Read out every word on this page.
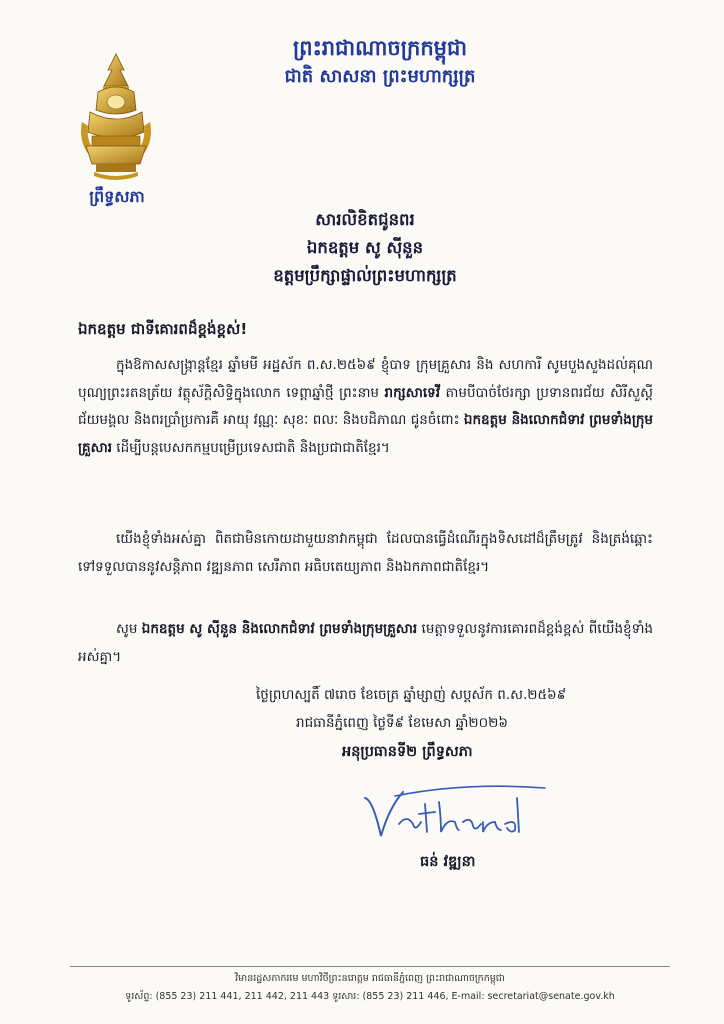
ព្រះរាជាណាចក្រកម្ពុជា
ជាតិ សាសនា ព្រះមហាក្សត្រ
ព្រឹទ្ធសភា
សារលិខិតជូនពរ
ឯកឧត្តម សូ ស៊ីនួន
ឧត្តមប្រឹក្សាផ្ទាល់ព្រះមហាក្សត្រ
ឯកឧត្តម ជាទីគោរពដ៏ខ្ពង់ខ្ពស់!
ក្នុងឱកាសសង្ក្រាន្តខ្មែរ ឆ្នាំមមី អដ្ឋស័ក ព.ស.២៥៦៩ ខ្ញុំបាទ ក្រុមគ្រួសារ និង សហការី សូមបួងសួងដល់គុណបុណ្យព្រះរតនត្រ័យ វត្ថុស័ក្តិសិទ្ធិក្នុងលោក ទេព្តាឆ្នាំថ្មី ព្រះនាម រាក្សសាទេវី តាមបីបាច់ថែរក្សា ប្រទានពរជ័យ សិរីសួស្តី ជ័យមង្គល និងពរប្រាំប្រការគឺ អាយុ វណ្ណៈ សុខៈ ពលៈ និងបដិភាណ ជូនចំពោះ ឯកឧត្តម និងលោកជំទាវ ព្រមទាំងក្រុមគ្រួសារ ដើម្បីបន្តបេសកកម្មបម្រើប្រទេសជាតិ និងប្រជាជាតិខ្មែរ។
យើងខ្ញុំទាំងអស់គ្នា ពិតជាមិនកោយដាមួយនាវាកម្ពុជា ដែលបានធ្វើដំណើរក្នុងទិសដៅដ៏ត្រឹមត្រូវ និងត្រង់ឆ្ពោះទៅទទួលបាននូវសន្តិភាព វឌ្ឍនភាព សេរីភាព អធិបតេយ្យភាព និងឯកភាពជាតិខ្មែរ។
សូម ឯកឧត្តម សូ ស៊ីនួន និងលោកជំទាវ ព្រមទាំងក្រុមគ្រួសារ មេត្តាទទួលនូវការគោរពដ៏ខ្ពង់ខ្ពស់ ពីយើងខ្ញុំទាំងអស់គ្នា។
ថ្ងៃព្រហស្បតិ៍ ៧រោច ខែចេត្រ ឆ្នាំម្សាញ់ សប្តស័ក ព.ស.២៥៦៩
រាជធានីភ្នំពេញ ថ្ងៃទី៩ ខែមេសា ឆ្នាំ២០២៦
អនុប្រធានទី២ ព្រឹទ្ធសភា
ធន់ វឌ្ឍនា
វិមានរដ្ឋសភាករមេ មហាវិថីព្រះនរោត្តម រាជធានីភ្នំពេញ ព្រះរាជាណាចក្រកម្ពុជា
ទូរស័ព្ទ: (855 23) 211 441, 211 442, 211 443 ទូរសារ: (855 23) 211 446, E-mail: secretariat@senate.gov.kh
